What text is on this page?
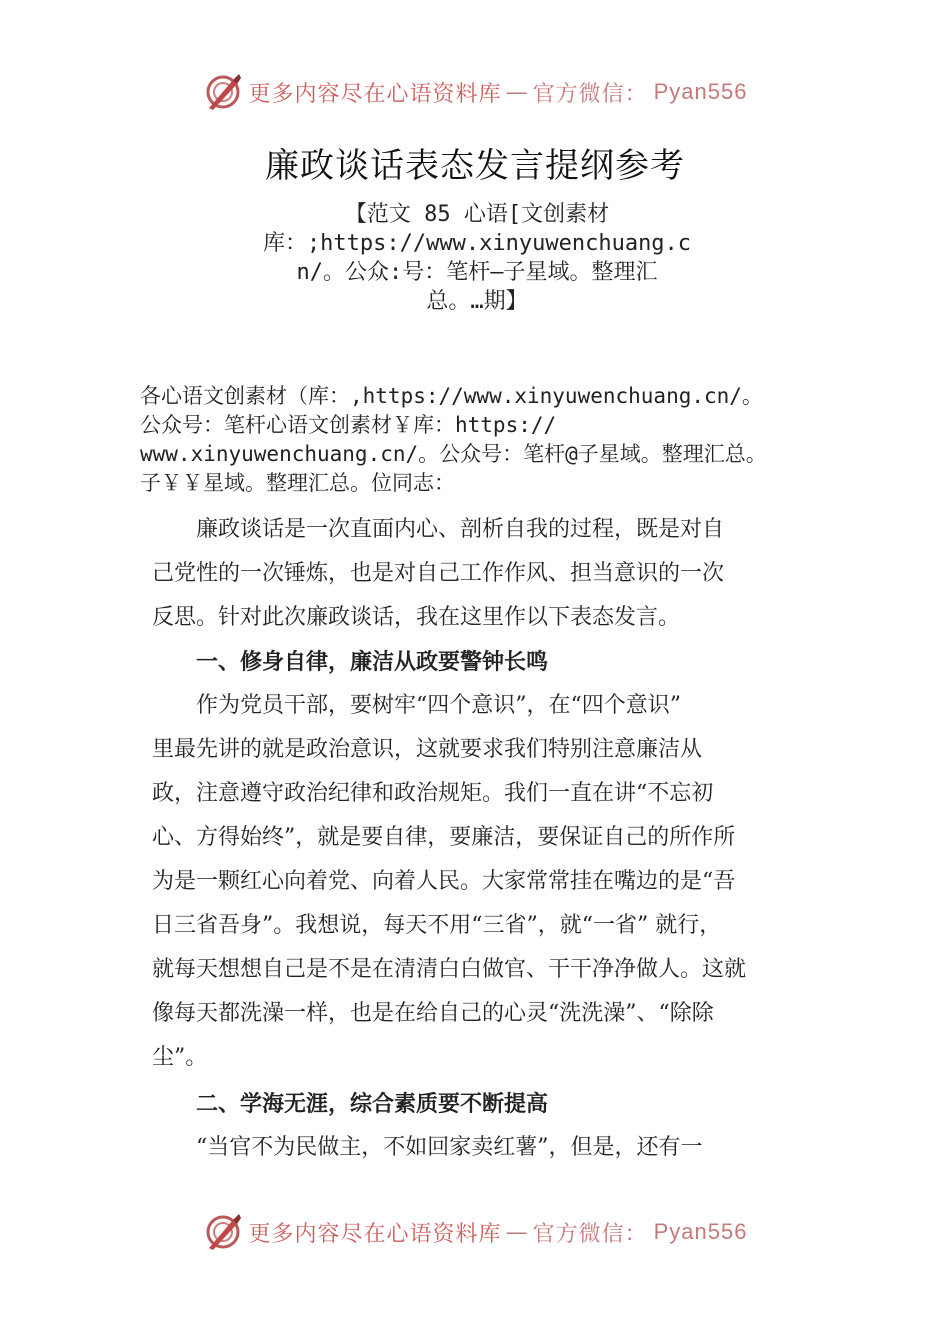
更多内容尽在心语资料库 — 官方微信： Pyan556
廉政谈话表态发言提纲参考
【范文 85 心语[文创素材
库：;https://www.xinyuwenchuang.c
n/。公众:号：笔杆—子星域。整理汇
总。…期】
各心语文创素材（库：,https://www.xinyuwenchuang.cn/。
公众号：笔杆心语文创素材￥库：https://
www.xinyuwenchuang.cn/。公众号：笔杆@子星域。整理汇总。
子￥￥星域。整理汇总。位同志：
　　廉政谈话是一次直面内心、剖析自我的过程，既是对自
己党性的一次锤炼，也是对自己工作作风、担当意识的一次
反思。针对此次廉政谈话，我在这里作以下表态发言。
　　一、修身自律，廉洁从政要警钟长鸣
　　作为党员干部，要树牢“四个意识”，在“四个意识”
里最先讲的就是政治意识，这就要求我们特别注意廉洁从
政，注意遵守政治纪律和政治规矩。我们一直在讲“不忘初
心、方得始终”，就是要自律，要廉洁，要保证自己的所作所
为是一颗红心向着党、向着人民。大家常常挂在嘴边的是“吾
日三省吾身”。我想说，每天不用“三省”，就“一省” 就行，
就每天想想自己是不是在清清白白做官、干干净净做人。这就
像每天都洗澡一样，也是在给自己的心灵“洗洗澡”、“除除
尘”。
　　二、学海无涯，综合素质要不断提高
　　“当官不为民做主，不如回家卖红薯”，但是，还有一
更多内容尽在心语资料库 — 官方微信： Pyan556
